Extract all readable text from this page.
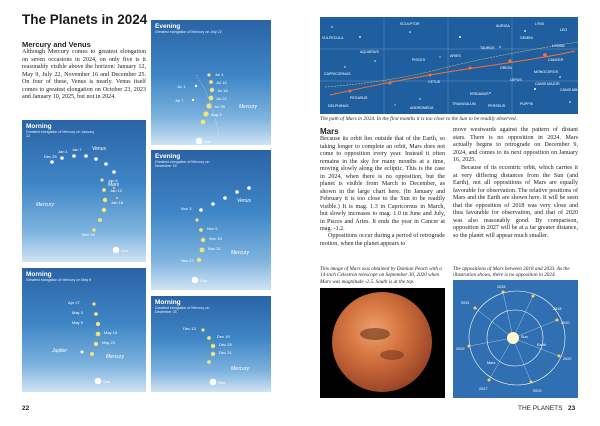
The Planets in 2024
Mercury and Venus

Although Mercury comes to greatest elongation on seven occasions in 2024, on only five is it reasonably visible above the horizon: January 12, May 9, July 22, November 16 and December 25. On four of these, Venus is nearly. Venus itself comes to greatest elongation on October 23, 2023 and January 10, 2025, but not in 2024.

Evening
Greatest elongation of Mercury on July 22
Jul 4
Jul 10
Jul 16
Jul 22
Jul 28
Aug 3
Jul 1
Jul 7
Mercury
Sun
Morning
Greatest elongation of Mercury on January 12
Dec 25
Jan 1 Jan 7 Venus
Jan 6
Jan 12
Jan 18
Mars
Mercury
Dec 19
Sun
Evening
Greatest elongation of Mercury on November 16
Nov 3
Venus
Nov 9
Nov 15
Nov 21
Nov 27
Mercury
Sun
Morning
Greatest elongation of Mercury on May 9
Apr 27
May 3
May 9
May 15
May 21
Jupiter
Mercury
Sun
Morning
Greatest elongation of Mercury on December 25
Dec 13
Dec 19
Dec 25
Dec 31
Mercury
Sun
22
CAPRICORNUS
AQUARIUS
PISCES
ARIES
TAURUS
GEMINI
CANCER
LEO
ORION
CETUS
SCULPTOR
ERIDANUS
MONOCEROS
HYDRA
PUPPIS
CANIS MAJOR
PEGASUS
ANDROMEDA
TRIANGULUM
DELPHINUS
VULPECULA
PERSEUS
AURIGA	LYNX
CANIS MINOR
LEPUS
The path of Mars in 2024. In the first months it is too close to the Sun to be readily observed.
Mars

Because its orbit lies outside that of the Earth, so taking longer to complete an orbit, Mars does not come to opposition every year. Instead it often remains in the sky for many months at a time, moving slowly along the ecliptic. This is the case in 2024, when there is no opposition, but the planet is visible from March to December, as shown in the large chart here. (In January and February it is too close to the Sun to be readily visible.) It is mag. 1.3 in Capricornus in March, but slowly increases to mag. 1.0 in June and July, in Pisces and Aries. It ends the year in Cancer at mag. -1.2.

Oppositions occur during a period of retrograde motion, when the planet appears to

move westwards against the pattern of distant stars. There is no opposition in 2024. Mars actually begins to retrograde on December 9, 2024, and comes to its next opposition on January 16, 2025.

Because of its eccentric orbit, which carries it at very differing distances from the Sun (and Earth), not all oppositions of Mars are equally favorable for observation. The relative positions of Mars and the Earth are shown here. It will be seen that the opposition of 2018 was very close and thus favorable for observation, and that of 2020 was also reasonably good. By comparison, opposition in 2027 will be at a far greater distance, so the planet will appear much smaller.

This image of Mars was obtained by Damian Peach with a 14-inch Celestron telescope on September 30, 2020 when Mars was magnitude -2.5. South is at the top.
The oppositions of Mars between 2018 and 2033. As the illustration shows, there is no opposition in 2024.
2018
2020
2022
2025
2027
2029
2031
2033
Sun
Earth
Mars
THE PLANETS 23
